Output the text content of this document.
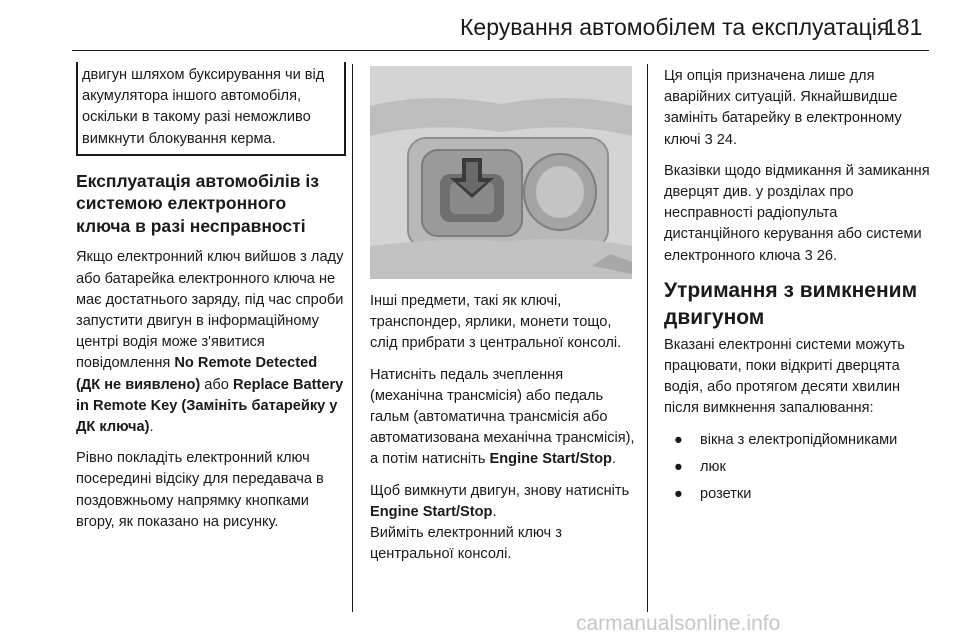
Керування автомобілем та експлуатація
181
двигун шляхом буксирування чи від акумулятора іншого автомобіля, оскільки в такому разі неможливо вимкнути блокування керма.
Експлуатація автомобілів із системою електронного ключа в разі несправності

Якщо електронний ключ вийшов з ладу або батарейка електронного ключа не має достатнього заряду, під час спроби запустити двигун в інформаційному центрі водія може з'явитися повідомлення No Remote Detected (ДК не виявлено) або Replace Battery in Remote Key (Замініть батарейку у ДК ключа).

Рівно покладіть електронний ключ посередині відсіку для передавача в поздовжньому напрямку кнопками вгору, як показано на рисунку.

Інші предмети, такі як ключі, транспондер, ярлики, монети тощо, слід прибрати з центральної консолі.

Натисніть педаль зчеплення (механічна трансмісія) або педаль гальм (автоматична трансмісія або автоматизована механічна трансмісія), а потім натисніть Engine Start/Stop.

Щоб вимкнути двигун, знову натисніть Engine Start/Stop.
Вийміть електронний ключ з центральної консолі.

Ця опція призначена лише для аварійних ситуацій. Якнайшвидше замініть батарейку в електронному ключі 3 24.

Вказівки щодо відмикання й замикання дверцят див. у розділах про несправності радіопульта дистанційного керування або системи електронного ключа 3 26.

Утримання з вимкненим двигуном

Вказані електронні системи можуть працювати, поки відкриті дверцята водія, або протягом десяти хвилин після вимкнення запалювання:

● вікна з електропідйомниками
● люк
● розетки
carmanualsonline.info
